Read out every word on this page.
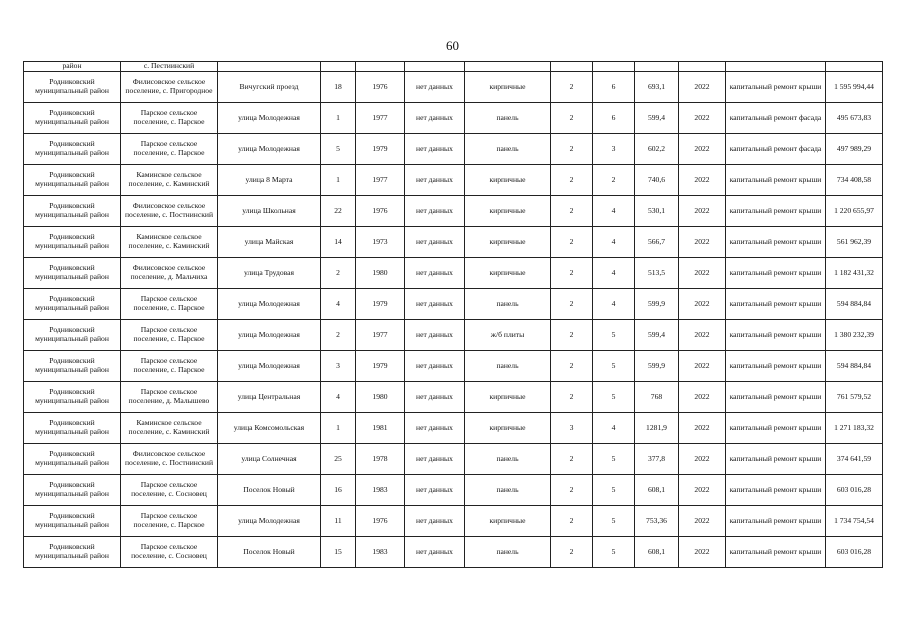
60
район	с. Пестиинский											
Родниковский муниципальный район	Филисовское сельское поселение, с. Пригородное	Вичугский проезд	18	1976	нет данных	кирпичные	2	6	693,1	2022	капитальный ремонт крыши	1 595 994,44
Родниковский муниципальный район	Парское сельское поселение, с. Парское	улица Молодежная	1	1977	нет данных	панель	2	6	599,4	2022	капитальный ремонт фасада	495 673,83
Родниковский муниципальный район	Парское сельское поселение, с. Парское	улица Молодежная	5	1979	нет данных	панель	2	3	602,2	2022	капитальный ремонт фасада	497 989,29
Родниковский муниципальный район	Каминское сельское поселение, с. Каминский	улица 8 Марта	1	1977	нет данных	кирпичные	2	2	740,6	2022	капитальный ремонт крыши	734 408,58
Родниковский муниципальный район	Филисовское сельское поселение, с. Постнинский	улица Школьная	22	1976	нет данных	кирпичные	2	4	530,1	2022	капитальный ремонт крыши	1 220 655,97
Родниковский муниципальный район	Каминское сельское поселение, с. Каминский	улица Майская	14	1973	нет данных	кирпичные	2	4	566,7	2022	капитальный ремонт крыши	561 962,39
Родниковский муниципальный район	Филисовское сельское поселение, д. Мальчиха	улица Трудовая	2	1980	нет данных	кирпичные	2	4	513,5	2022	капитальный ремонт крыши	1 182 431,32
Родниковский муниципальный район	Парское сельское поселение, с. Парское	улица Молодежная	4	1979	нет данных	панель	2	4	599,9	2022	капитальный ремонт крыши	594 884,84
Родниковский муниципальный район	Парское сельское поселение, с. Парское	улица Молодежная	2	1977	нет данных	ж/б плиты	2	5	599,4	2022	капитальный ремонт крыши	1 380 232,39
Родниковский муниципальный район	Парское сельское поселение, с. Парское	улица Молодежная	3	1979	нет данных	панель	2	5	599,9	2022	капитальный ремонт крыши	594 884,84
Родниковский муниципальный район	Парское сельское поселение, д. Малышево	улица Центральная	4	1980	нет данных	кирпичные	2	5	768	2022	капитальный ремонт крыши	761 579,52
Родниковский муниципальный район	Каминское сельское поселение, с. Каминский	улица Комсомольская	1	1981	нет данных	кирпичные	3	4	1281,9	2022	капитальный ремонт крыши	1 271 183,32
Родниковский муниципальный район	Филисовское сельское поселение, с. Постнинский	улица Солнечная	25	1978	нет данных	панель	2	5	377,8	2022	капитальный ремонт крыши	374 641,59
Родниковский муниципальный район	Парское сельское поселение, с. Сосновец	Поселок Новый	16	1983	нет данных	панель	2	5	608,1	2022	капитальный ремонт крыши	603 016,28
Родниковский муниципальный район	Парское сельское поселение, с. Парское	улица Молодежная	11	1976	нет данных	кирпичные	2	5	753,36	2022	капитальный ремонт крыши	1 734 754,54
Родниковский муниципальный район	Парское сельское поселение, с. Сосновец	Поселок Новый	15	1983	нет данных	панель	2	5	608,1	2022	капитальный ремонт крыши	603 016,28
